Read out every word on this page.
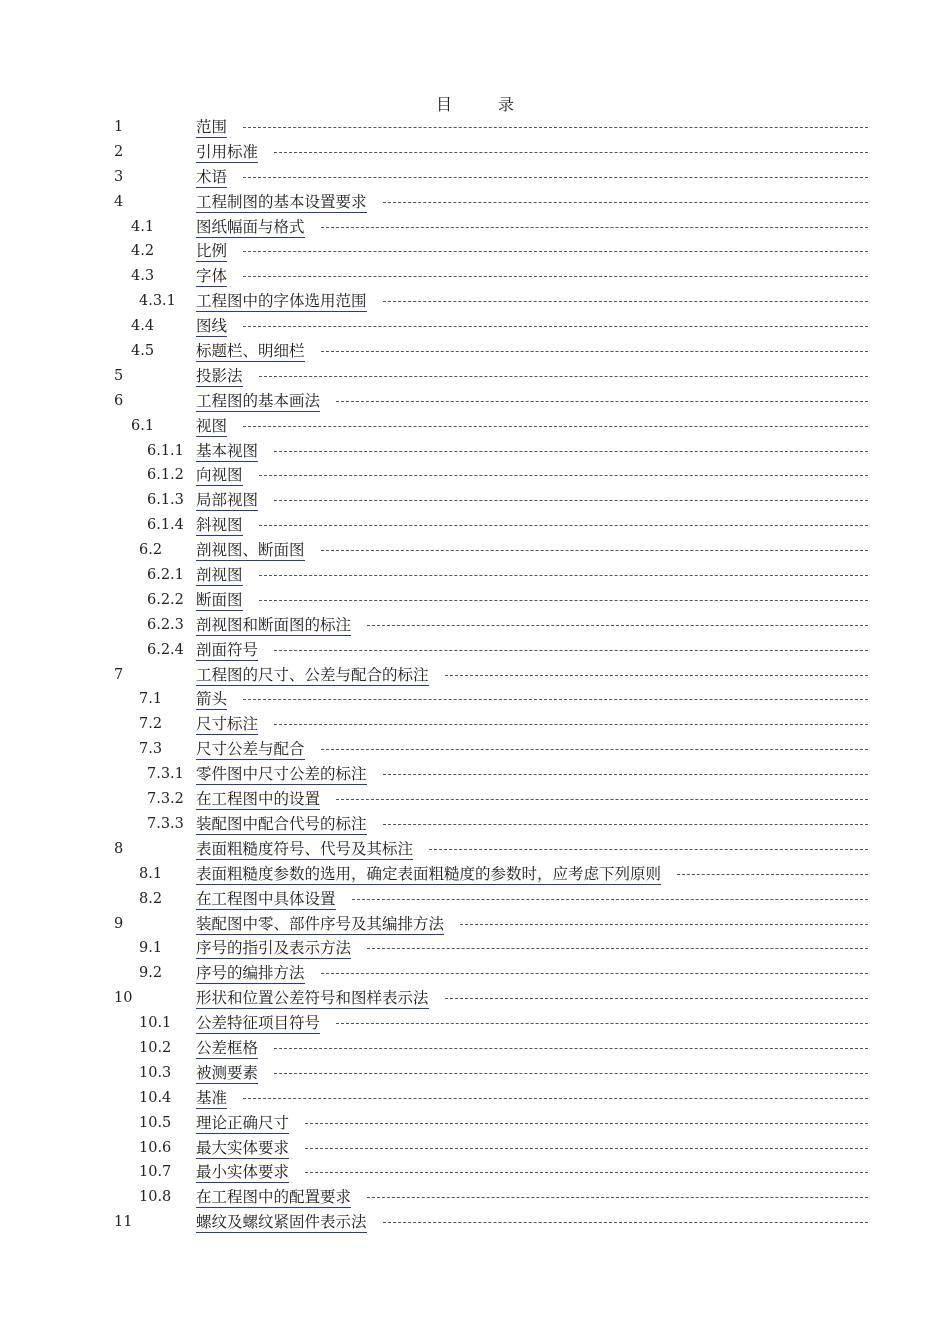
目	录
1	范围
2	引用标准
3	术语
4	工程制图的基本设置要求
4.1	图纸幅面与格式
4.2	比例
4.3	字体
4.3.1 工程图中的字体选用范围
4.4	图线
4.5	标题栏、明细栏
5	投影法
6	工程图的基本画法
6.1	视图
6.1.1 基本视图
6.1.2 向视图
6.1.3 局部视图
6.1.4 斜视图
6.2 剖视图、断面图
6.2.1 剖视图
6.2.2 断面图
6.2.3 剖视图和断面图的标注
6.2.4 剖面符号
7	工程图的尺寸、公差与配合的标注
7.1 箭头
7.2 尺寸标注
7.3 尺寸公差与配合
7.3.1 零件图中尺寸公差的标注
7.3.2 在工程图中的设置
7.3.3 装配图中配合代号的标注
8	表面粗糙度符号、代号及其标注
8.1 表面粗糙度参数的选用，确定表面粗糙度的参数时，应考虑下列原则
8.2 在工程图中具体设置
9	装配图中零、部件序号及其编排方法
9.1 序号的指引及表示方法
9.2 序号的编排方法
10	形状和位置公差符号和图样表示法
10.1 公差特征项目符号
10.2 公差框格
10.3 被测要素
10.4 基准
10.5 理论正确尺寸
10.6 最大实体要求
10.7 最小实体要求
10.8 在工程图中的配置要求
11	螺纹及螺纹紧固件表示法
